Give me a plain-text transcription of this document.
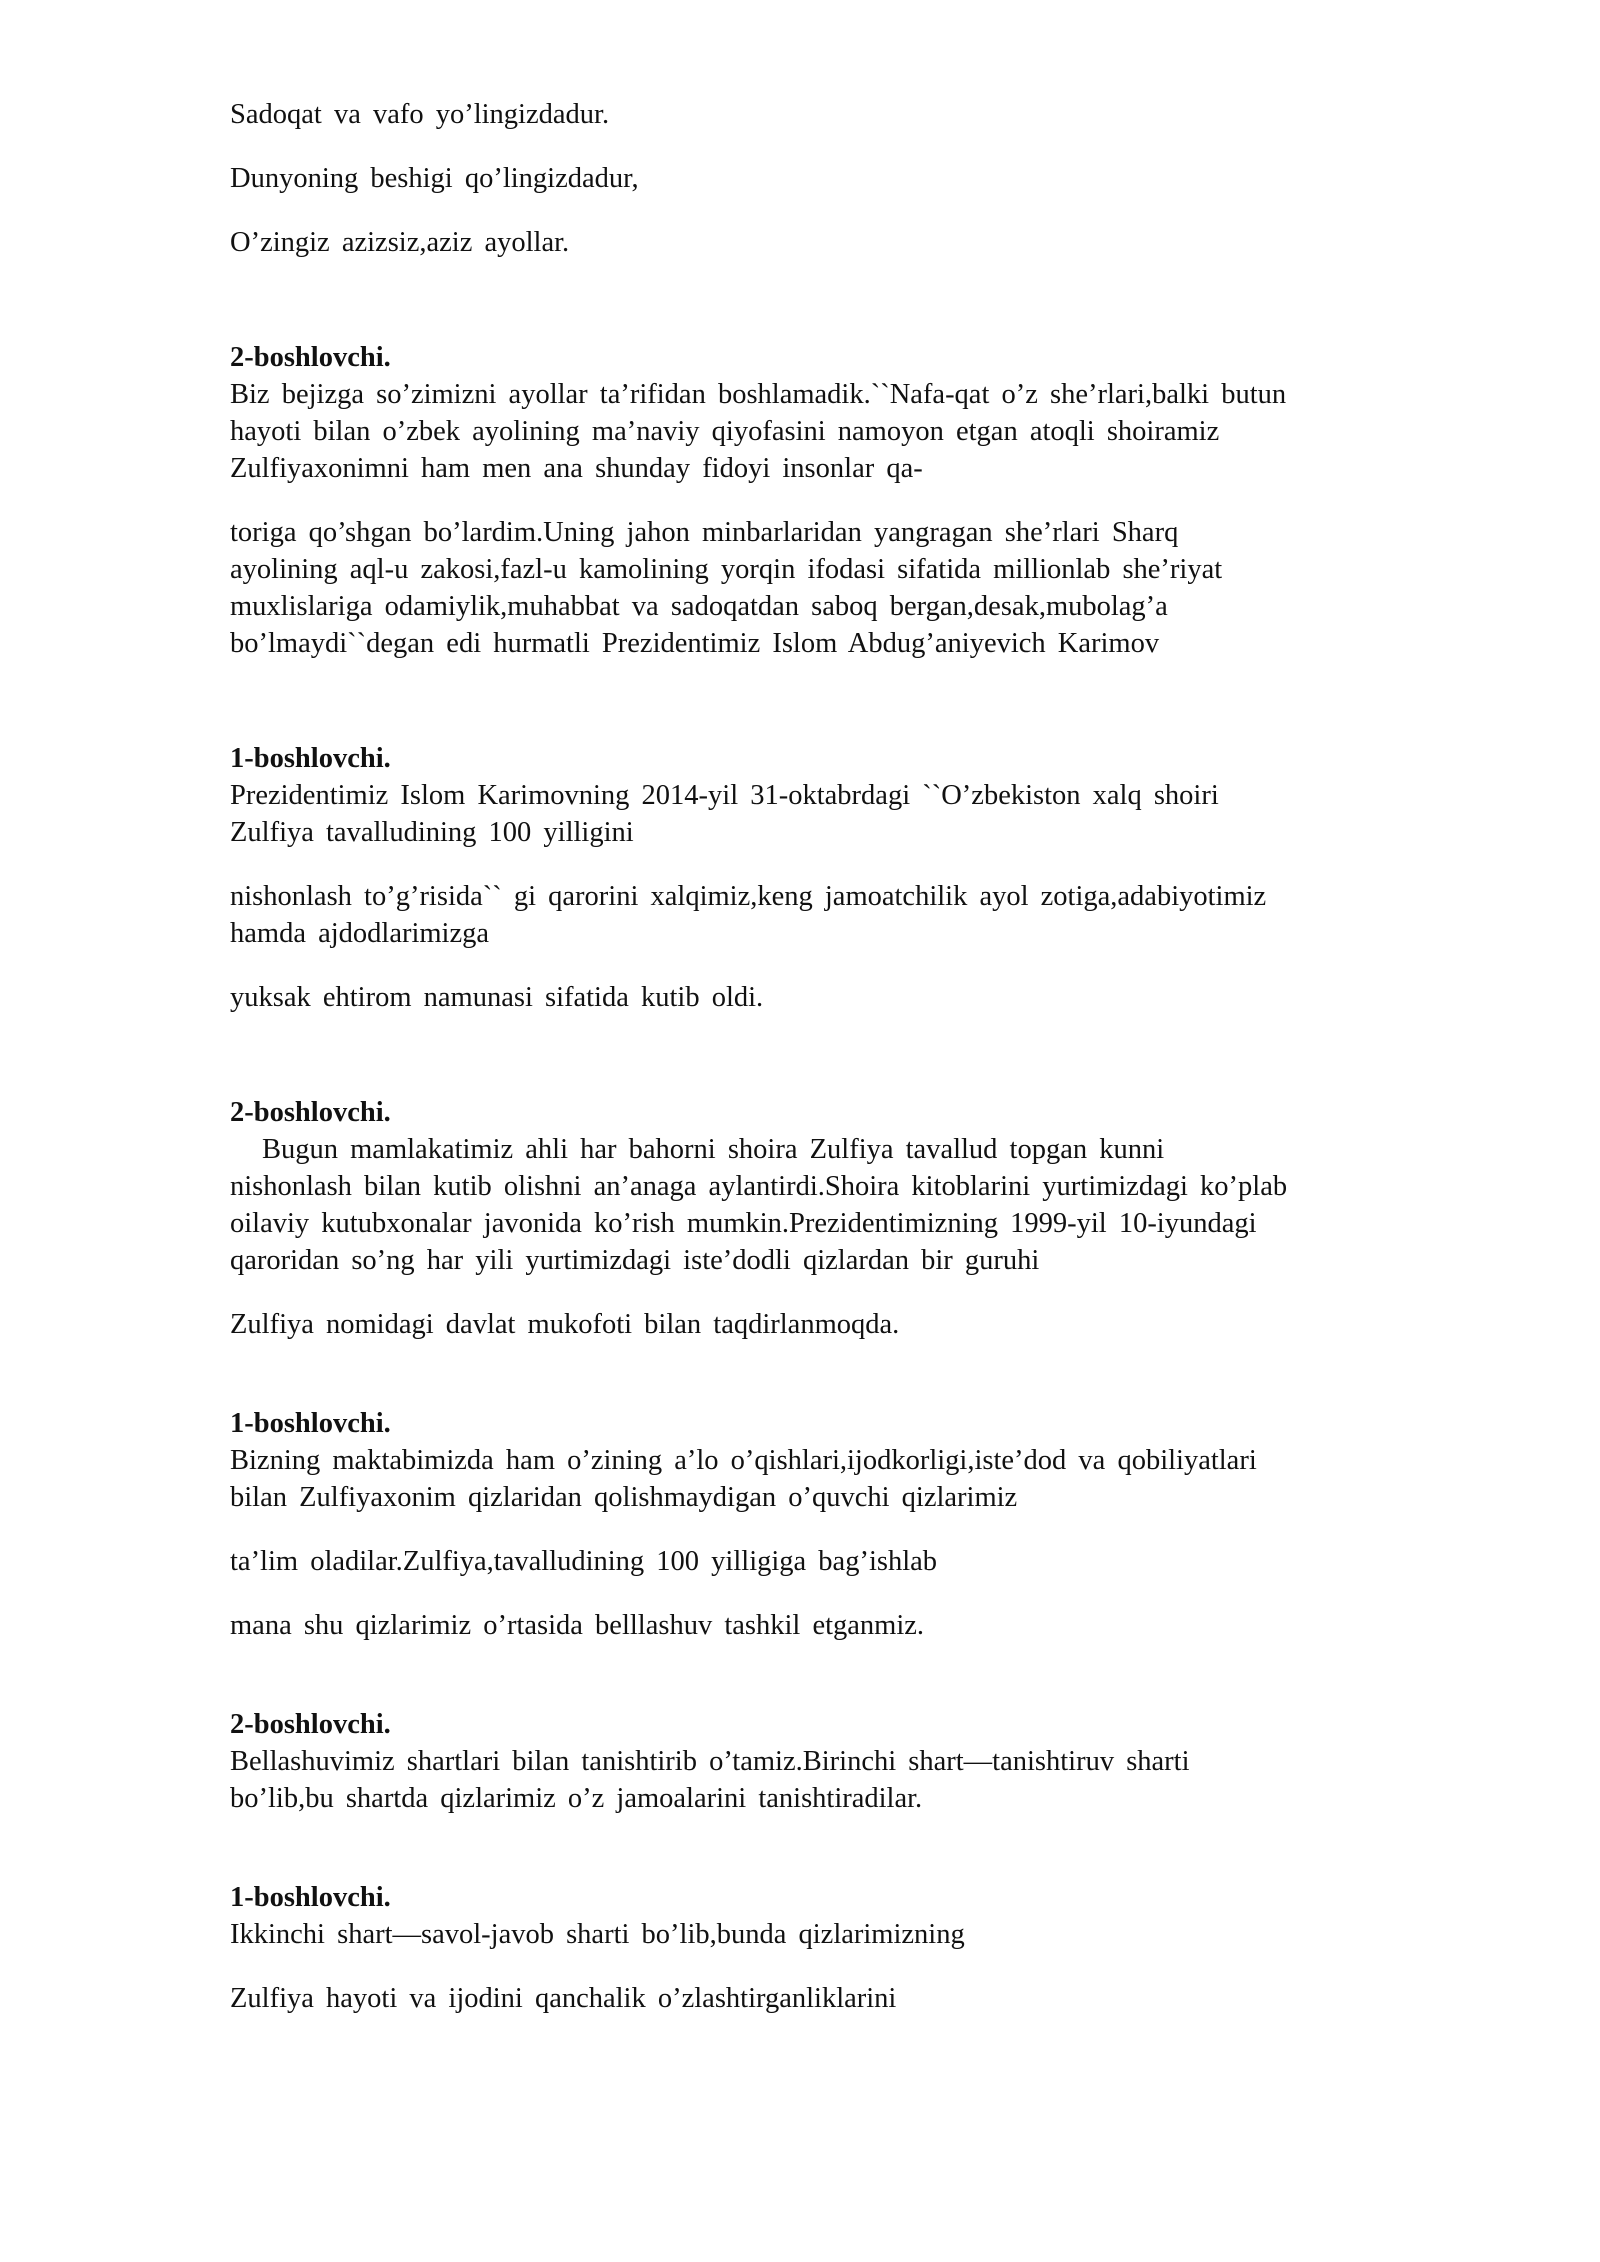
Sadoqat va vafo yo’lingizdadur.
Dunyoning beshigi qo’lingizdadur,
O’zingiz azizsiz,aziz ayollar.
2-boshlovchi.
Biz bejizga so’zimizni ayollar ta’rifidan boshlamadik.``Nafa-qat o’z she’rlari,balki butun
hayoti bilan o’zbek ayolining ma’naviy qiyofasini namoyon etgan atoqli shoiramiz
Zulfiyaxonimni ham men ana shunday fidoyi insonlar qa-
toriga qo’shgan bo’lardim.Uning jahon minbarlaridan yangragan she’rlari Sharq
ayolining aql-u zakosi,fazl-u kamolining yorqin ifodasi sifatida millionlab she’riyat
muxlislariga odamiylik,muhabbat va sadoqatdan saboq bergan,desak,mubolag’a
bo’lmaydi``degan edi hurmatli Prezidentimiz Islom Abdug’aniyevich Karimov
1-boshlovchi.
Prezidentimiz Islom Karimovning 2014-yil 31-oktabrdagi ``O’zbekiston xalq shoiri
Zulfiya tavalludining 100 yilligini
nishonlash to’g’risida`` gi qarorini xalqimiz,keng jamoatchilik ayol zotiga,adabiyotimiz
hamda ajdodlarimizga
yuksak ehtirom namunasi sifatida kutib oldi.
2-boshlovchi.
Bugun mamlakatimiz ahli har bahorni shoira Zulfiya tavallud topgan kunni
nishonlash bilan kutib olishni an’anaga aylantirdi.Shoira kitoblarini yurtimizdagi ko’plab
oilaviy kutubxonalar javonida ko’rish mumkin.Prezidentimizning 1999-yil 10-iyundagi
qaroridan so’ng har yili yurtimizdagi iste’dodli qizlardan bir guruhi
Zulfiya nomidagi davlat mukofoti bilan taqdirlanmoqda.
1-boshlovchi.
Bizning maktabimizda ham o’zining a’lo o’qishlari,ijodkorligi,iste’dod va qobiliyatlari
bilan Zulfiyaxonim qizlaridan qolishmaydigan o’quvchi qizlarimiz
ta’lim oladilar.Zulfiya,tavalludining 100 yilligiga bag’ishlab
mana shu qizlarimiz o’rtasida belllashuv tashkil etganmiz.
2-boshlovchi.
Bellashuvimiz shartlari bilan tanishtirib o’tamiz.Birinchi shart—tanishtiruv sharti
bo’lib,bu shartda qizlarimiz o’z jamoalarini tanishtiradilar.
1-boshlovchi.
Ikkinchi shart—savol-javob sharti bo’lib,bunda qizlarimizning
Zulfiya hayoti va ijodini qanchalik o’zlashtirganliklarini
